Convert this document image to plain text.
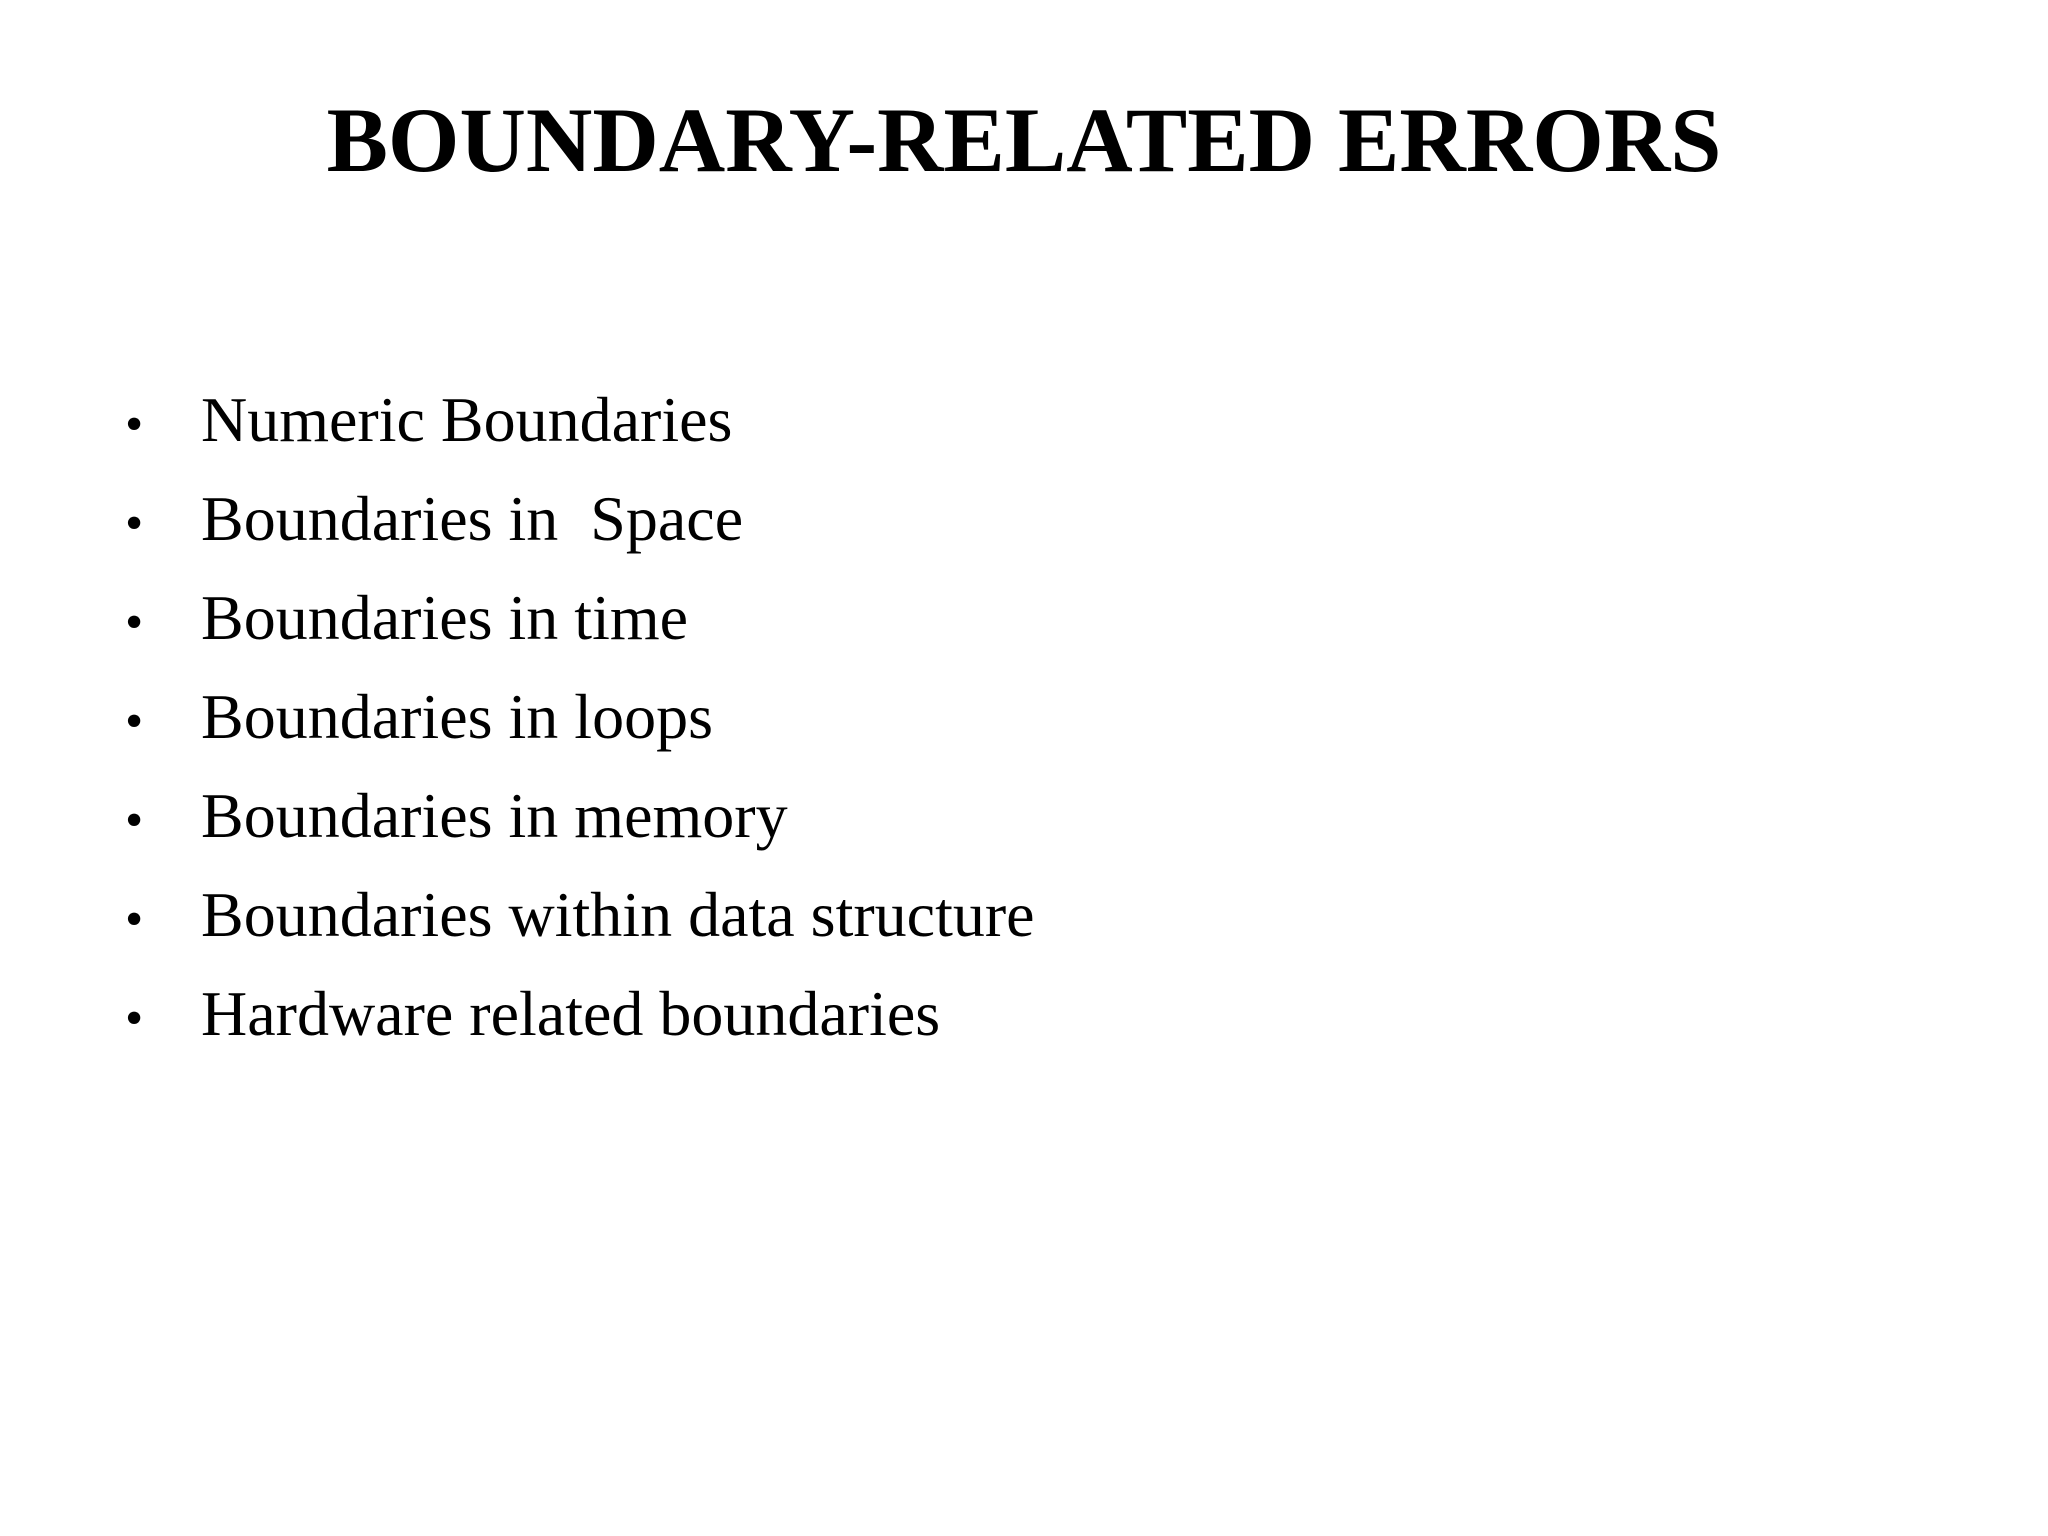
BOUNDARY-RELATED ERRORS
• Numeric Boundaries
• Boundaries in  Space
• Boundaries in time
• Boundaries in loops
• Boundaries in memory
• Boundaries within data structure
• Hardware related boundaries
